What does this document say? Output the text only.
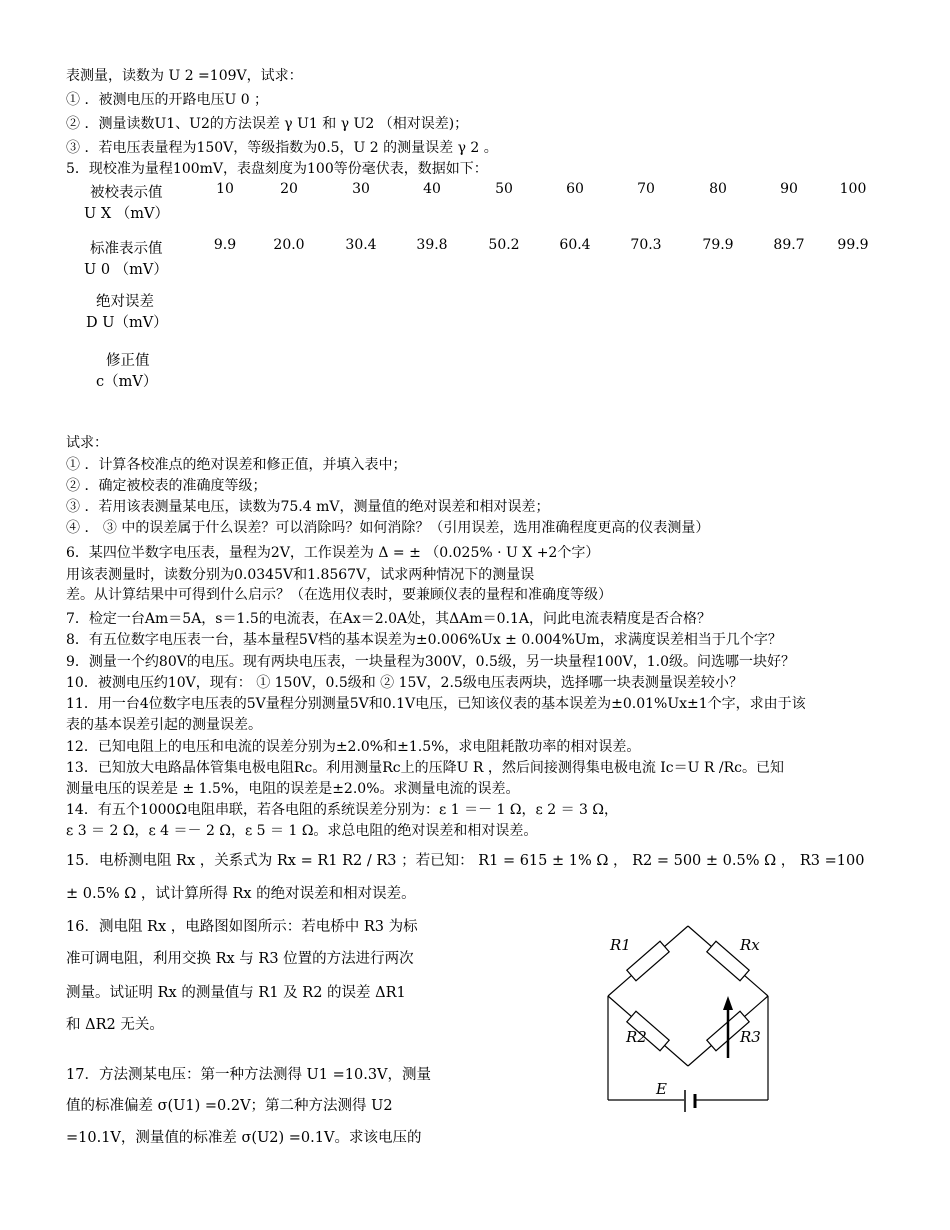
表测量，读数为 U 2 =109V，试求：
① ．被测电压的开路电压U 0 ；
② ．测量读数U1、U2的方法误差 γ U1 和 γ U2 （相对误差)；
③ ．若电压表量程为150V，等级指数为0.5，U 2 的测量误差 γ 2 。
5．现校准为量程100mV，表盘刻度为100等份毫伏表，数据如下：
被校表示值
U X （mV）
10	20	30	40	50	60	70	80	90	100
标准表示值
U 0 （mV）
9.9	20.0	30.4	39.8	50.2	60.4	70.3	79.9	89.7	99.9
绝对误差
D U（mV）
修正值
c（mV）
试求：
① ．计算各校准点的绝对误差和修正值，并填入表中；
② ．确定被校表的准确度等级；
③ ．若用该表测量某电压，读数为75.4 mV，测量值的绝对误差和相对误差；
④ ． ③ 中的误差属于什么误差？可以消除吗？如何消除？（引用误差，选用准确程度更高的仪表测量）
6．某四位半数字电压表，量程为2V，工作误差为 Δ = ± （0.025% · U X +2个字）
用该表测量时，读数分别为0.0345V和1.8567V，试求两种情况下的测量误
差。从计算结果中可得到什么启示？（在选用仪表时，要兼顾仪表的量程和准确度等级）
7．检定一台Am＝5A，s＝1.5的电流表，在Ax＝2.0A处，其ΔAm＝0.1A，问此电流表精度是否合格？
8．有五位数字电压表一台，基本量程5V档的基本误差为±0.006%Ux ± 0.004%Um，求满度误差相当于几个字？
9．测量一个约80V的电压。现有两块电压表，一块量程为300V，0.5级，另一块量程100V，1.0级。问选哪一块好？
10．被测电压约10V，现有： ① 150V，0.5级和 ② 15V，2.5级电压表两块，选择哪一块表测量误差较小？
11．用一台4位数字电压表的5V量程分别测量5V和0.1V电压，已知该仪表的基本误差为±0.01%Ux±1个字，求由于该
表的基本误差引起的测量误差。
12．已知电阻上的电压和电流的误差分别为±2.0%和±1.5%，求电阻耗散功率的相对误差。
13．已知放大电路晶体管集电极电阻Rc。利用测量Rc上的压降U R ，然后间接测得集电极电流 Ic＝U R /Rc。已知
测量电压的误差是 ± 1.5%，电阻的误差是±2.0%。求测量电流的误差。
14．有五个1000Ω电阻串联，若各电阻的系统误差分别为：ε 1 ＝－ 1 Ω，ε 2 ＝ 3 Ω，
ε 3 ＝ 2 Ω，ε 4 ＝－ 2 Ω，ε 5 ＝ 1 Ω。求总电阻的绝对误差和相对误差。
15．电桥测电阻 Rx ，关系式为 Rx = R1 R2 / R3 ；若已知： R1 = 615 ± 1% Ω ， R2 = 500 ± 0.5% Ω ， R3 =100
± 0.5% Ω ，试计算所得 Rx 的绝对误差和相对误差。
16．测电阻 Rx ，电路图如图所示：若电桥中 R3 为标
准可调电阻，利用交换 Rx 与 R3 位置的方法进行两次
测量。试证明 Rx 的测量值与 R1 及 R2 的误差 ΔR1
和 ΔR2 无关。
17．方法测某电压：第一种方法测得 U1 =10.3V，测量
值的标准偏差 σ(U1) =0.2V；第二种方法测得 U2
=10.1V，测量值的标准差 σ(U2) =0.1V。求该电压的
R1	Rx
R2	R3
E
